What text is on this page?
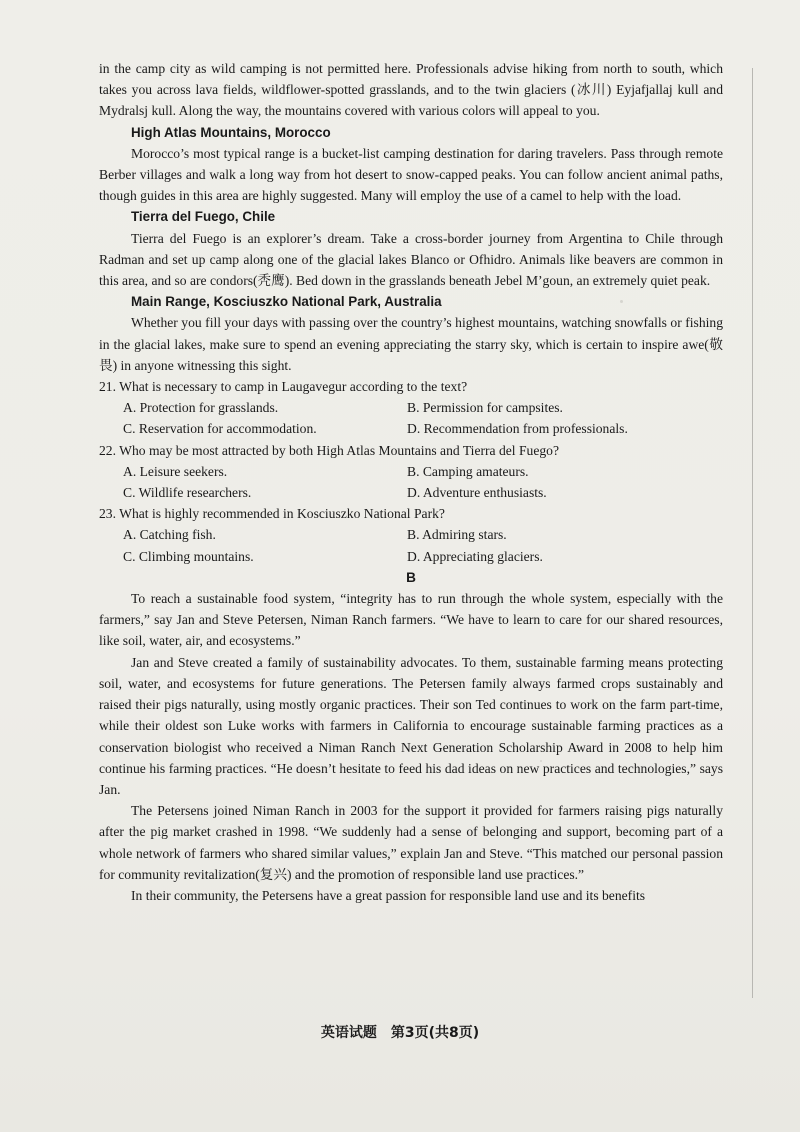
in the camp city as wild camping is not permitted here. Professionals advise hiking from north to south, which takes you across lava fields, wildflower-spotted grasslands, and to the twin glaciers (冰川) Eyjafjallaj kull and Mydralsj kull. Along the way, the mountains covered with various colors will appeal to you.

High Atlas Mountains, Morocco

Morocco’s most typical range is a bucket-list camping destination for daring travelers. Pass through remote Berber villages and walk a long way from hot desert to snow-capped peaks. You can follow ancient animal paths, though guides in this area are highly suggested. Many will employ the use of a camel to help with the load.

Tierra del Fuego, Chile

Tierra del Fuego is an explorer’s dream. Take a cross-border journey from Argentina to Chile through Radman and set up camp along one of the glacial lakes Blanco or Ofhidro. Animals like beavers are common in this area, and so are condors(秃鹰). Bed down in the grasslands beneath Jebel M’goun, an extremely quiet peak.

Main Range, Kosciuszko National Park, Australia

Whether you fill your days with passing over the country’s highest mountains, watching snowfalls or fishing in the glacial lakes, make sure to spend an evening appreciating the starry sky, which is certain to inspire awe(敬畏) in anyone witnessing this sight.

21. What is necessary to camp in Laugavegur according to the text?

A. Protection for grasslands.	B. Permission for campsites.
C. Reservation for accommodation.	D. Recommendation from professionals.

22. Who may be most attracted by both High Atlas Mountains and Tierra del Fuego?

A. Leisure seekers.	B. Camping amateurs.
C. Wildlife researchers.	D. Adventure enthusiasts.

23. What is highly recommended in Kosciuszko National Park?

A. Catching fish.	B. Admiring stars.
C. Climbing mountains.	D. Appreciating glaciers.

B

To reach a sustainable food system, “integrity has to run through the whole system, especially with the farmers,” say Jan and Steve Petersen, Niman Ranch farmers. “We have to learn to care for our shared resources, like soil, water, air, and ecosystems.”

Jan and Steve created a family of sustainability advocates. To them, sustainable farming means protecting soil, water, and ecosystems for future generations. The Petersen family always farmed crops sustainably and raised their pigs naturally, using mostly organic practices. Their son Ted continues to work on the farm part-time, while their oldest son Luke works with farmers in California to encourage sustainable farming practices as a conservation biologist who received a Niman Ranch Next Generation Scholarship Award in 2008 to help him continue his farming practices. “He doesn’t hesitate to feed his dad ideas on new practices and technologies,” says Jan.

The Petersens joined Niman Ranch in 2003 for the support it provided for farmers raising pigs naturally after the pig market crashed in 1998. “We suddenly had a sense of belonging and support, becoming part of a whole network of farmers who shared similar values,” explain Jan and Steve. “This matched our personal passion for community revitalization(复兴) and the promotion of responsible land use practices.”

In their community, the Petersens have a great passion for responsible land use and its benefits

英语试题　第3页(共8页)
